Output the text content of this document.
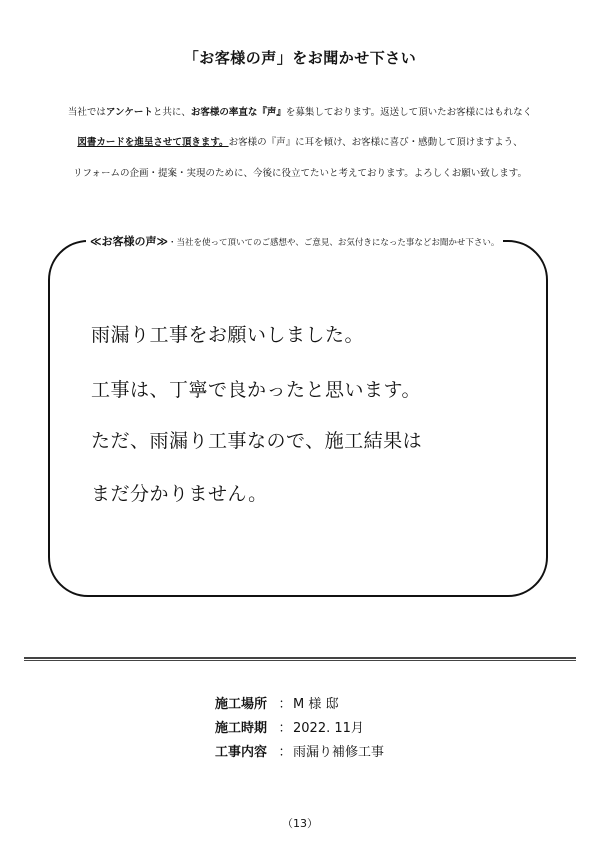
「お客様の声」をお聞かせ下さい
当社ではアンケートと共に、お客様の率直な『声』を募集しております。返送して頂いたお客様にはもれなく
図書カードを進呈させて頂きます。お客様の『声』に耳を傾け、お客様に喜び・感動して頂けますよう、
リフォームの企画・提案・実現のために、今後に役立てたいと考えております。よろしくお願い致します。
≪お客様の声≫・当社を使って頂いてのご感想や、ご意見、お気付きになった事などお聞かせ下さい。
雨漏り工事をお願いしました。
工事は、丁寧で良かったと思います。
ただ、雨漏り工事なので、施工結果は
まだ分かりません。
施工場所 ： M 様 邸
施工時期 ： 2022. 11月
工事内容 ： 雨漏り補修工事
（13）
